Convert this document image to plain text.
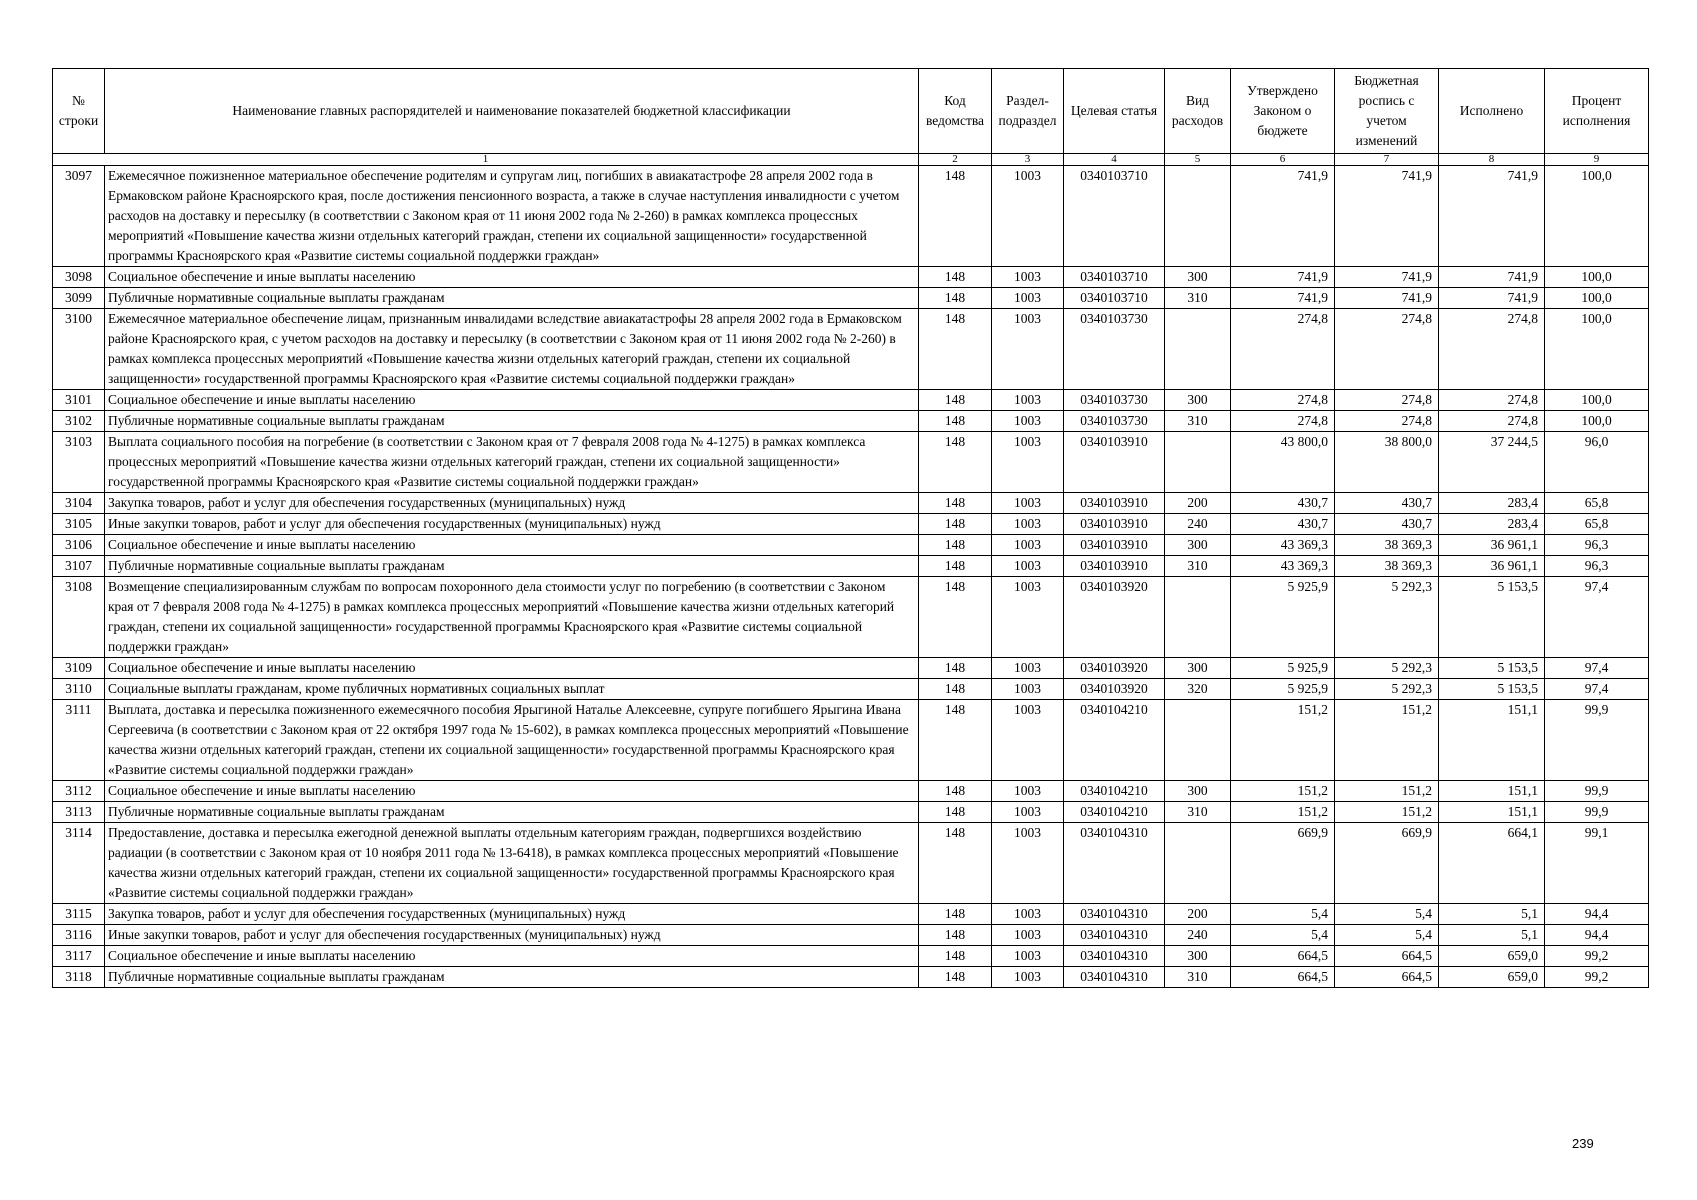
№ строки	Наименование главных распорядителей и наименование показателей бюджетной классификации	Код ведомства	Раздел-подраздел	Целевая статья	Вид расходов	Утверждено Законом о бюджете	Бюджетная роспись с учетом изменений	Исполнено	Процент исполнения
1		2	3	4	5	6	7	8	9
3097	Ежемесячное пожизненное материальное обеспечение родителям и супругам лиц, погибших в авиакатастрофе 28 апреля 2002 года в Ермаковском районе Красноярского края, после достижения пенсионного возраста, а также в случае наступления инвалидности с учетом расходов на доставку и пересылку (в соответствии с Законом края от 11 июня 2002 года № 2-260) в рамках комплекса процессных мероприятий «Повышение качества жизни отдельных категорий граждан, степени их социальной защищенности» государственной программы Красноярского края «Развитие системы социальной поддержки граждан»	148	1003	0340103710		741,9	741,9	741,9	100,0
3098	Социальное обеспечение и иные выплаты населению	148	1003	0340103710	300	741,9	741,9	741,9	100,0
3099	Публичные нормативные социальные выплаты гражданам	148	1003	0340103710	310	741,9	741,9	741,9	100,0
3100	Ежемесячное материальное обеспечение лицам, признанным инвалидами вследствие авиакатастрофы 28 апреля 2002 года в Ермаковском районе Красноярского края, с учетом расходов на доставку и пересылку (в соответствии с Законом края от 11 июня 2002 года № 2-260) в рамках комплекса процессных мероприятий «Повышение качества жизни отдельных категорий граждан, степени их социальной защищенности» государственной программы Красноярского края «Развитие системы социальной поддержки граждан»	148	1003	0340103730		274,8	274,8	274,8	100,0
3101	Социальное обеспечение и иные выплаты населению	148	1003	0340103730	300	274,8	274,8	274,8	100,0
3102	Публичные нормативные социальные выплаты гражданам	148	1003	0340103730	310	274,8	274,8	274,8	100,0
3103	Выплата социального пособия на погребение (в соответствии с Законом края от 7 февраля 2008 года № 4-1275) в рамках комплекса процессных мероприятий «Повышение качества жизни отдельных категорий граждан, степени их социальной защищенности» государственной программы Красноярского края «Развитие системы социальной поддержки граждан»	148	1003	0340103910		43 800,0	38 800,0	37 244,5	96,0
3104	Закупка товаров, работ и услуг для обеспечения государственных (муниципальных) нужд	148	1003	0340103910	200	430,7	430,7	283,4	65,8
3105	Иные закупки товаров, работ и услуг для обеспечения государственных (муниципальных) нужд	148	1003	0340103910	240	430,7	430,7	283,4	65,8
3106	Социальное обеспечение и иные выплаты населению	148	1003	0340103910	300	43 369,3	38 369,3	36 961,1	96,3
3107	Публичные нормативные социальные выплаты гражданам	148	1003	0340103910	310	43 369,3	38 369,3	36 961,1	96,3
3108	Возмещение специализированным службам по вопросам похоронного дела стоимости услуг по погребению (в соответствии с Законом края от 7 февраля 2008 года № 4-1275) в рамках комплекса процессных мероприятий «Повышение качества жизни отдельных категорий граждан, степени их социальной защищенности» государственной программы Красноярского края «Развитие системы социальной поддержки граждан»	148	1003	0340103920		5 925,9	5 292,3	5 153,5	97,4
3109	Социальное обеспечение и иные выплаты населению	148	1003	0340103920	300	5 925,9	5 292,3	5 153,5	97,4
3110	Социальные выплаты гражданам, кроме публичных нормативных социальных выплат	148	1003	0340103920	320	5 925,9	5 292,3	5 153,5	97,4
3111	Выплата, доставка и пересылка пожизненного ежемесячного пособия Ярыгиной Наталье Алексеевне, супруге погибшего Ярыгина Ивана Сергеевича (в соответствии с Законом края от 22 октября 1997 года № 15-602), в рамках комплекса процессных мероприятий «Повышение качества жизни отдельных категорий граждан, степени их социальной защищенности» государственной программы Красноярского края «Развитие системы социальной поддержки граждан»	148	1003	0340104210		151,2	151,2	151,1	99,9
3112	Социальное обеспечение и иные выплаты населению	148	1003	0340104210	300	151,2	151,2	151,1	99,9
3113	Публичные нормативные социальные выплаты гражданам	148	1003	0340104210	310	151,2	151,2	151,1	99,9
3114	Предоставление, доставка и пересылка ежегодной денежной выплаты отдельным категориям граждан, подвергшихся воздействию радиации (в соответствии с Законом края от 10 ноября 2011 года № 13-6418), в рамках комплекса процессных мероприятий «Повышение качества жизни отдельных категорий граждан, степени их социальной защищенности» государственной программы Красноярского края «Развитие системы социальной поддержки граждан»	148	1003	0340104310		669,9	669,9	664,1	99,1
3115	Закупка товаров, работ и услуг для обеспечения государственных (муниципальных) нужд	148	1003	0340104310	200	5,4	5,4	5,1	94,4
3116	Иные закупки товаров, работ и услуг для обеспечения государственных (муниципальных) нужд	148	1003	0340104310	240	5,4	5,4	5,1	94,4
3117	Социальное обеспечение и иные выплаты населению	148	1003	0340104310	300	664,5	664,5	659,0	99,2
3118	Публичные нормативные социальные выплаты гражданам	148	1003	0340104310	310	664,5	664,5	659,0	99,2
239
